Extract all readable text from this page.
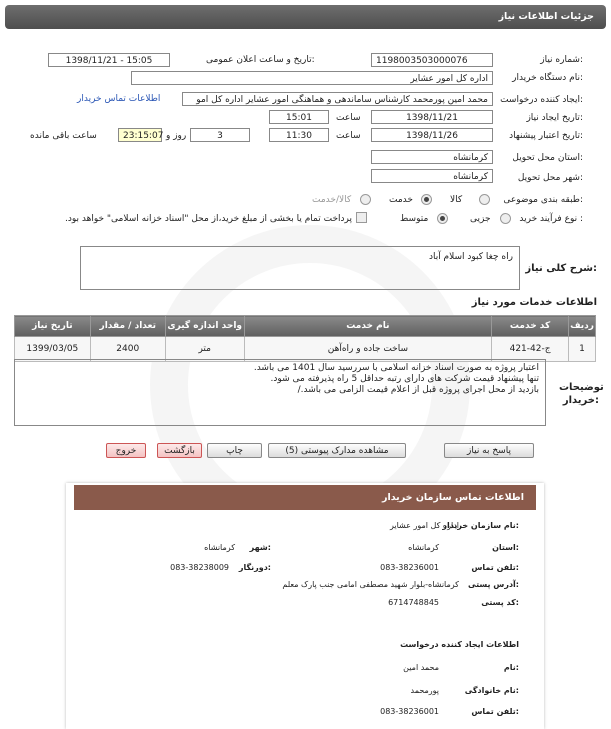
جزئیات اطلاعات نیاز
شماره نیاز:
1198003503000076
تاریخ و ساعت اعلان عمومی:
1398/11/21 - 15:05
نام دستگاه خریدار:
اداره کل امور عشایر
ایجاد کننده درخواست:
محمد امین پورمحمد کارشناس ساماندهی و هماهنگی امور عشایر اداره کل امو
اطلاعات تماس خریدار
تاریخ ایجاد نیاز:
1398/11/21
ساعت
15:01
تاریخ اعتبار پیشنهاد:
1398/11/26
ساعت
11:30
3
روز و
23:15:07
ساعت باقی مانده
استان محل تحویل:
کرمانشاه
شهر محل تحویل:
کرمانشاه
طبقه بندی موضوعی:
کالا
خدمت
کالا/خدمت
نوع فرآیند خرید :
جزیی
متوسط
پرداخت تمام یا بخشی از مبلغ خرید،از محل "اسناد خزانه اسلامی" خواهد بود.
شرح کلی نیاز:
راه چغا کبود اسلام آباد
اطلاعات خدمات مورد نیاز
تاریخ نیاز	تعداد / مقدار	واحد اندازه گیری	نام خدمت	کد خدمت	ردیف
1399/03/05	2400	متر	ساخت جاده و راه‌آهن	ج-42-421	1
توضیحات خریدار:
اعتبار پروژه به صورت اسناد خزانه اسلامی با سررسید سال 1401 می باشد.
تنها پیشنهاد قیمت شرکت های دارای رتبه حداقل 5 راه پذیرفته می شود.
بازدید از محل اجرای پروژه قبل از اعلام قیمت الزامی می باشد./
پاسخ به نیاز
مشاهده مدارک پیوستی (5)
چاپ
بازگشت
خروج
اطلاعات تماس سازمان خریدار
نام سازمان خریدار:
اداره کل امور عشایر
استان:
کرمانشاه
شهر:
کرمانشاه
تلفن تماس:
083-38236001
دورنگار:
083-38238009
آدرس پستی:
کرمانشاه-بلوار شهید مصطفی امامی جنب پارک معلم
کد پستی:
6714748845
اطلاعات ایجاد کننده درخواست
نام:
محمد امین
نام خانوادگی:
پورمحمد
تلفن تماس:
083-38236001
